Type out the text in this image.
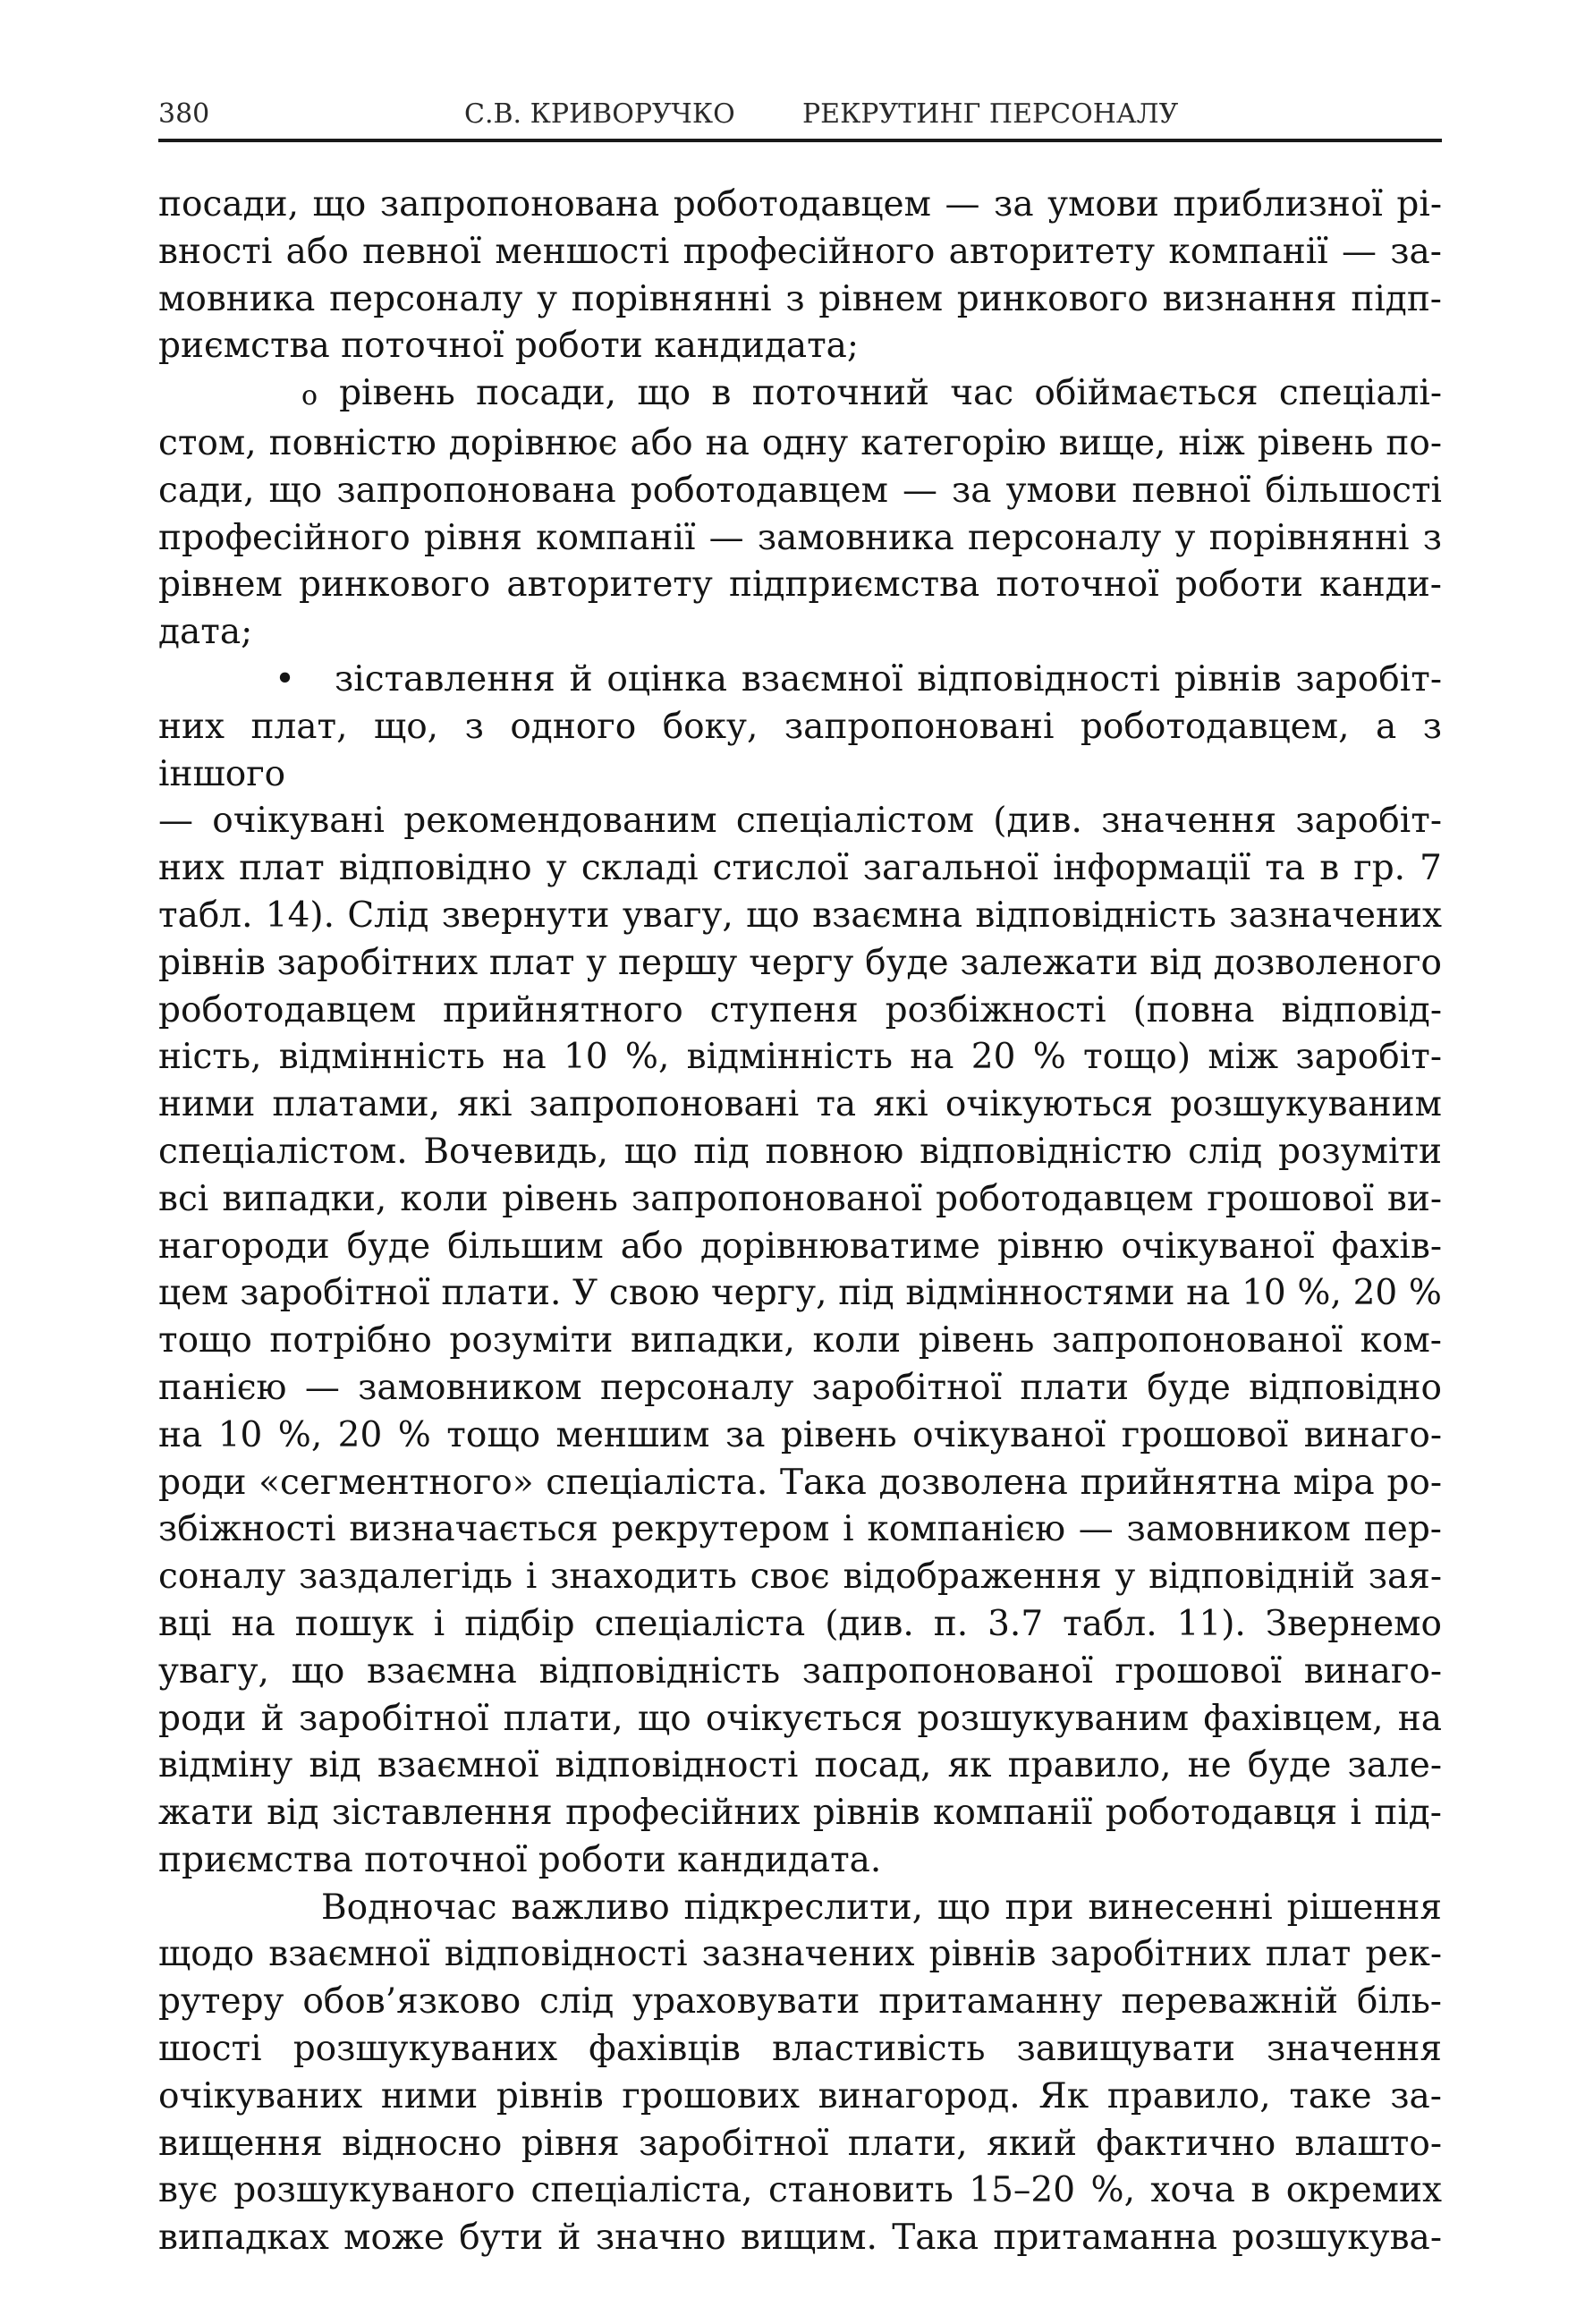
380	С.В. КРИВОРУЧКО	РЕКРУТИНГ ПЕРСОНАЛУ

посади, що запропонована роботодавцем — за умови приблизної рі-

вності або певної меншості професійного авторитету компанії — за-

мовника персоналу у порівнянні з рівнем ринкового визнання підп-

риємства поточної роботи кандидата;

o рівень посади, що в поточний час обіймається спеціалі-

стом, повністю дорівнює або на одну категорію вище, ніж рівень по-

сади, що запропонована роботодавцем — за умови певної більшості

професійного рівня компанії — замовника персоналу у порівнянні з

рівнем ринкового авторитету підприємства поточної роботи канди-

дата;

• зіставлення й оцінка взаємної відповідності рівнів заробіт-

них плат, що, з одного боку, запропоновані роботодавцем, а з іншого

— очікувані рекомендованим спеціалістом (див. значення заробіт-

них плат відповідно у складі стислої загальної інформації та в гр. 7

табл. 14). Слід звернути увагу, що взаємна відповідність зазначених

рівнів заробітних плат у першу чергу буде залежати від дозволеного

роботодавцем прийнятного ступеня розбіжності (повна відповід-

ність, відмінність на 10 %, відмінність на 20 % тощо) між заробіт-

ними платами, які запропоновані та які очікуються розшукуваним

спеціалістом. Вочевидь, що під повною відповідністю слід розуміти

всі випадки, коли рівень запропонованої роботодавцем грошової ви-

нагороди буде більшим або дорівнюватиме рівню очікуваної фахів-

цем заробітної плати. У свою чергу, під відмінностями на 10 %, 20 %

тощо потрібно розуміти випадки, коли рівень запропонованої ком-

панією — замовником персоналу заробітної плати буде відповідно

на 10 %, 20 % тощо меншим за рівень очікуваної грошової винаго-

роди «сегментного» спеціаліста. Така дозволена прийнятна міра ро-

збіжності визначається рекрутером і компанією — замовником пер-

соналу заздалегідь і знаходить своє відображення у відповідній зая-

вці на пошук і підбір спеціаліста (див. п. 3.7 табл. 11). Звернемо

увагу, що взаємна відповідність запропонованої грошової винаго-

роди й заробітної плати, що очікується розшукуваним фахівцем, на

відміну від взаємної відповідності посад, як правило, не буде зале-

жати від зіставлення професійних рівнів компанії роботодавця і під-

приємства поточної роботи кандидата.

Водночас важливо підкреслити, що при винесенні рішення

щодо взаємної відповідності зазначених рівнів заробітних плат рек-

рутеру обов’язково слід ураховувати притаманну переважній біль-

шості розшукуваних фахівців властивість завищувати значення

очікуваних ними рівнів грошових винагород. Як правило, таке за-

вищення відносно рівня заробітної плати, який фактично влашто-

вує розшукуваного спеціаліста, становить 15–20 %, хоча в окремих

випадках може бути й значно вищим. Така притаманна розшукува-
